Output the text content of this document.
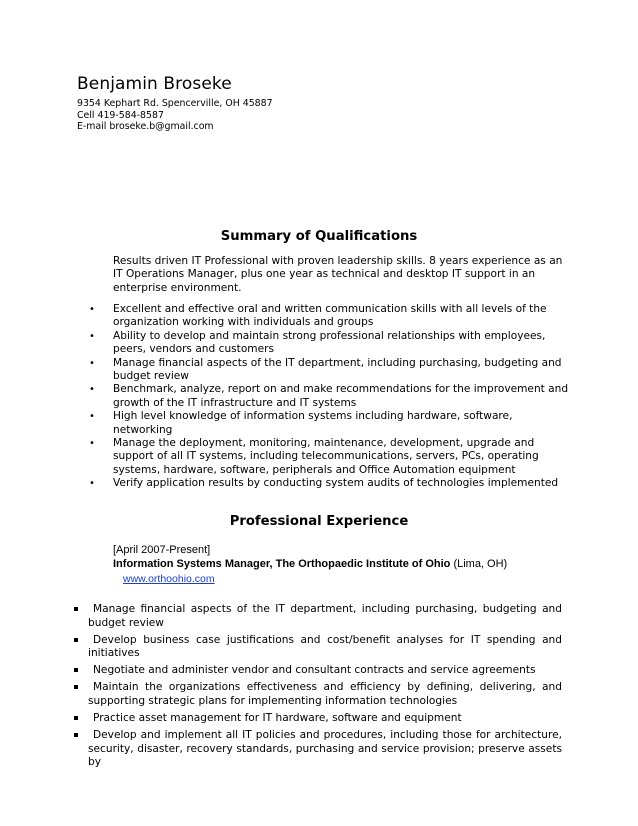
Benjamin Broseke
9354 Kephart Rd. Spencerville, OH 45887
Cell 419-584-8587
E-mail broseke.b@gmail.com
Summary of Qualifications
Results driven IT Professional with proven leadership skills. 8 years experience as an IT Operations Manager, plus one year as technical and desktop IT support in an enterprise environment.
• Excellent and effective oral and written communication skills with all levels of the organization working with individuals and groups
• Ability to develop and maintain strong professional relationships with employees, peers, vendors and customers
• Manage financial aspects of the IT department, including purchasing, budgeting and budget review
• Benchmark, analyze, report on and make recommendations for the improvement and growth of the IT infrastructure and IT systems
• High level knowledge of information systems including hardware, software, networking
• Manage the deployment, monitoring, maintenance, development, upgrade and support of all IT systems, including telecommunications, servers, PCs, operating systems, hardware, software, peripherals and Office Automation equipment
• Verify application results by conducting system audits of technologies implemented
Professional Experience
[April 2007-Present]
Information Systems Manager, The Orthopaedic Institute of Ohio (Lima, OH)
www.orthoohio.com
Manage financial aspects of the IT department, including purchasing, budgeting and budget review
Develop business case justifications and cost/benefit analyses for IT spending and initiatives
Negotiate and administer vendor and consultant contracts and service agreements
Maintain the organizations effectiveness and efficiency by defining, delivering, and supporting strategic plans for implementing information technologies
Practice asset management for IT hardware, software and equipment
Develop and implement all IT policies and procedures, including those for architecture, security, disaster, recovery standards, purchasing and service provision; preserve assets by
